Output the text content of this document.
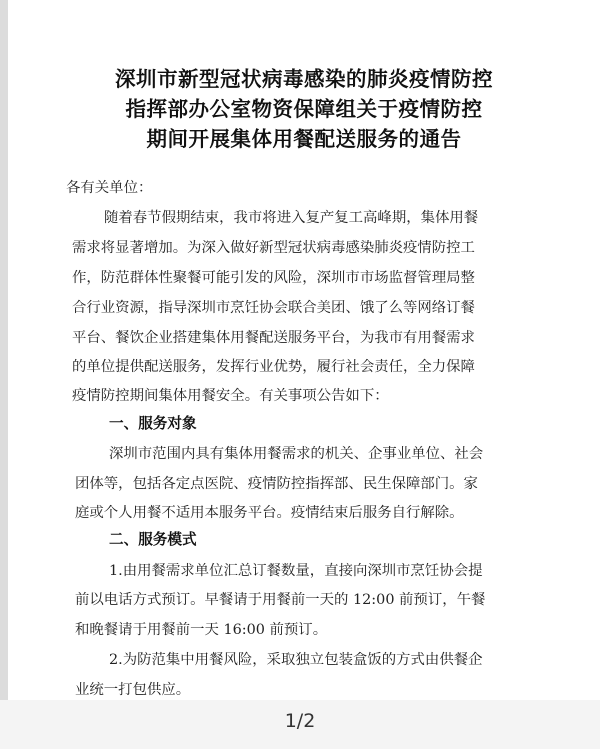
深圳市新型冠状病毒感染的肺炎疫情防控
指挥部办公室物资保障组关于疫情防控
期间开展集体用餐配送服务的通告
各有关单位：
随着春节假期结束，我市将进入复产复工高峰期，集体用餐
需求将显著增加。为深入做好新型冠状病毒感染肺炎疫情防控工
作，防范群体性聚餐可能引发的风险，深圳市市场监督管理局整
合行业资源，指导深圳市烹饪协会联合美团、饿了么等网络订餐
平台、餐饮企业搭建集体用餐配送服务平台，为我市有用餐需求
的单位提供配送服务，发挥行业优势，履行社会责任，全力保障
疫情防控期间集体用餐安全。有关事项公告如下：
一、服务对象
深圳市范围内具有集体用餐需求的机关、企事业单位、社会
团体等，包括各定点医院、疫情防控指挥部、民生保障部门。家
庭或个人用餐不适用本服务平台。疫情结束后服务自行解除。
二、服务模式
1.由用餐需求单位汇总订餐数量，直接向深圳市烹饪协会提
前以电话方式预订。早餐请于用餐前一天的 12:00 前预订，午餐
和晚餐请于用餐前一天 16:00 前预订。
2.为防范集中用餐风险，采取独立包装盒饭的方式由供餐企
业统一打包供应。
1/2
